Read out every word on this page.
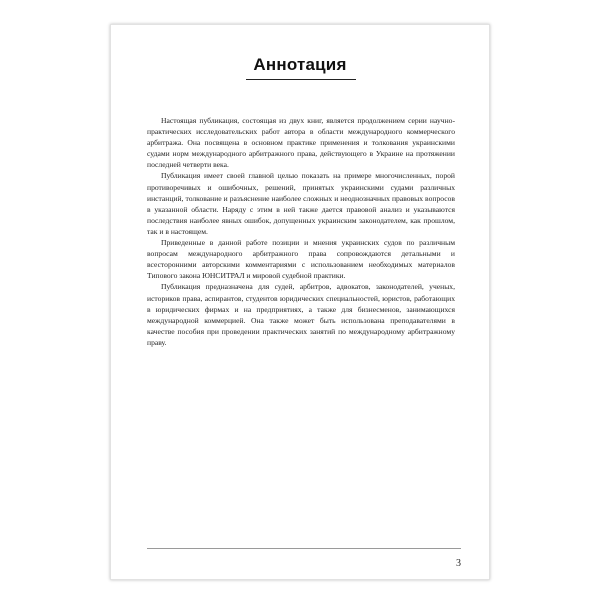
Аннотация

Настоящая публикация, состоящая из двух книг, является продолжением серии научно-практических исследовательских работ автора в области международного коммерческого арбитража. Она посвящена в основном практике применения и толкования украинскими судами норм международного арбитражного права, действующего в Украине на протяжении последней четверти века.

Публикация имеет своей главной целью показать на примере многочисленных, порой противоречивых и ошибочных, решений, принятых украинскими судами различных инстанций, толкование и разъяснение наиболее сложных и неоднозначных правовых вопросов в указанной области. Наряду с этим в ней также дается правовой анализ и указываются последствия наиболее явных ошибок, допущенных украинским законодателем, как прошлом, так и в настоящем.

Приведенные в данной работе позиции и мнения украинских судов по различным вопросам международного арбитражного права сопровождаются детальными и всесторонними авторскими комментариями с использованием необходимых материалов Типового закона ЮНСИТРАЛ и мировой судебной практики.

Публикация предназначена для судей, арбитров, адвокатов, законодателей, ученых, историков права, аспирантов, студентов юридических специальностей, юристов, работающих в юридических фирмах и на предприятиях, а также для бизнесменов, занимающихся международной коммерцией. Она также может быть использована преподавателями в качестве пособия при проведении практических занятий по международному арбитражному праву.

3
